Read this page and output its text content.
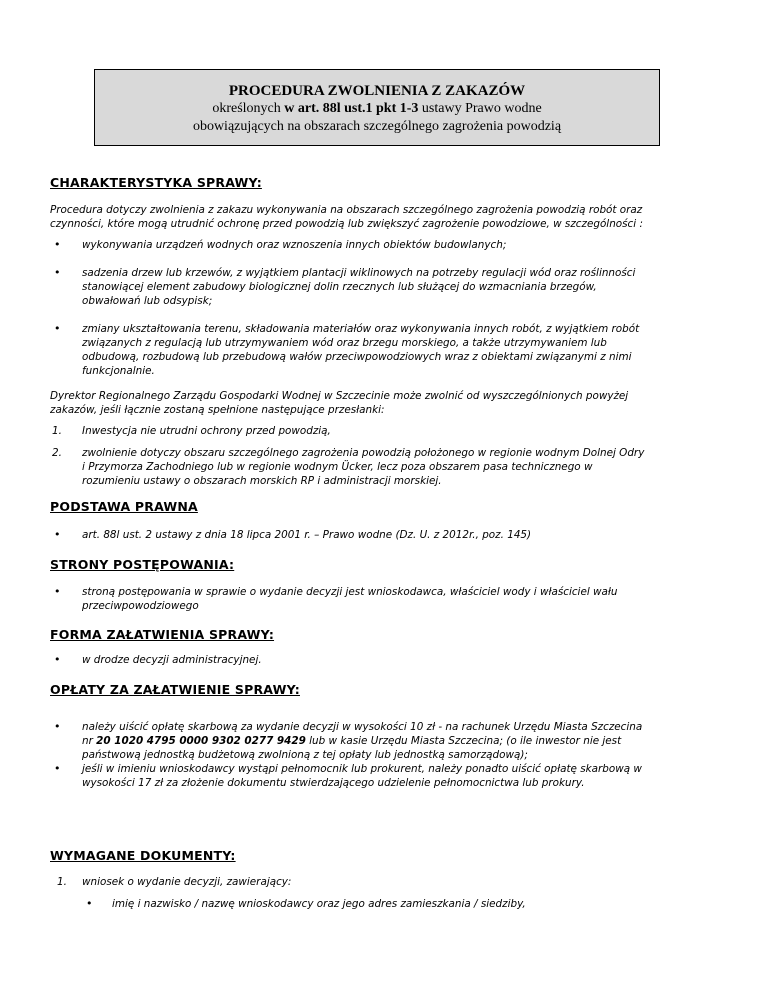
PROCEDURA ZWOLNIENIA Z ZAKAZÓW
określonych w art. 88l ust.1 pkt 1-3 ustawy Prawo wodne
obowiązujących na obszarach szczególnego zagrożenia powodzią
CHARAKTERYSTYKA SPRAWY:
Procedura dotyczy zwolnienia z zakazu wykonywania na obszarach szczególnego zagrożenia powodzią robót oraz
czynności, które mogą utrudnić ochronę przed powodzią lub zwiększyć zagrożenie powodziowe, w szczególności :
• wykonywania urządzeń wodnych oraz wznoszenia innych obiektów budowlanych;
• sadzenia drzew lub krzewów, z wyjątkiem plantacji wiklinowych na potrzeby regulacji wód oraz roślinności
stanowiącej element zabudowy biologicznej dolin rzecznych lub służącej do wzmacniania brzegów,
obwałowań lub odsypisk;
• zmiany ukształtowania terenu, składowania materiałów oraz wykonywania innych robót, z wyjątkiem robót
związanych z regulacją lub utrzymywaniem wód oraz brzegu morskiego, a także utrzymywaniem lub
odbudową, rozbudową lub przebudową wałów przeciwpowodziowych wraz z obiektami związanymi z nimi
funkcjonalnie.
Dyrektor Regionalnego Zarządu Gospodarki Wodnej w Szczecinie może zwolnić od wyszczególnionych powyżej
zakazów, jeśli łącznie zostaną spełnione następujące przesłanki:
1. Inwestycja nie utrudni ochrony przed powodzią,
2. zwolnienie dotyczy obszaru szczególnego zagrożenia powodzią położonego w regionie wodnym Dolnej Odry
i Przymorza Zachodniego lub w regionie wodnym Ücker, lecz poza obszarem pasa technicznego w
rozumieniu ustawy o obszarach morskich RP i administracji morskiej.
PODSTAWA PRAWNA
• art. 88l ust. 2 ustawy z dnia 18 lipca 2001 r. – Prawo wodne (Dz. U. z 2012r., poz. 145)
STRONY POSTĘPOWANIA:
• stroną postępowania w sprawie o wydanie decyzji jest wnioskodawca, właściciel wody i właściciel wału
przeciwpowodziowego
FORMA ZAŁATWIENIA SPRAWY:
• w drodze decyzji administracyjnej.
OPŁATY ZA ZAŁATWIENIE SPRAWY:
• należy uiścić opłatę skarbową za wydanie decyzji w wysokości 10 zł - na rachunek Urzędu Miasta Szczecina
nr 20 1020 4795 0000 9302 0277 9429 lub w kasie Urzędu Miasta Szczecina; (o ile inwestor nie jest
państwową jednostką budżetową zwolnioną z tej opłaty lub jednostką samorządową);
• jeśli w imieniu wnioskodawcy wystąpi pełnomocnik lub prokurent, należy ponadto uiścić opłatę skarbową w
wysokości 17 zł za złożenie dokumentu stwierdzającego udzielenie pełnomocnictwa lub prokury.
WYMAGANE DOKUMENTY:
1. wniosek o wydanie decyzji, zawierający:
• imię i nazwisko / nazwę wnioskodawcy oraz jego adres zamieszkania / siedziby,
